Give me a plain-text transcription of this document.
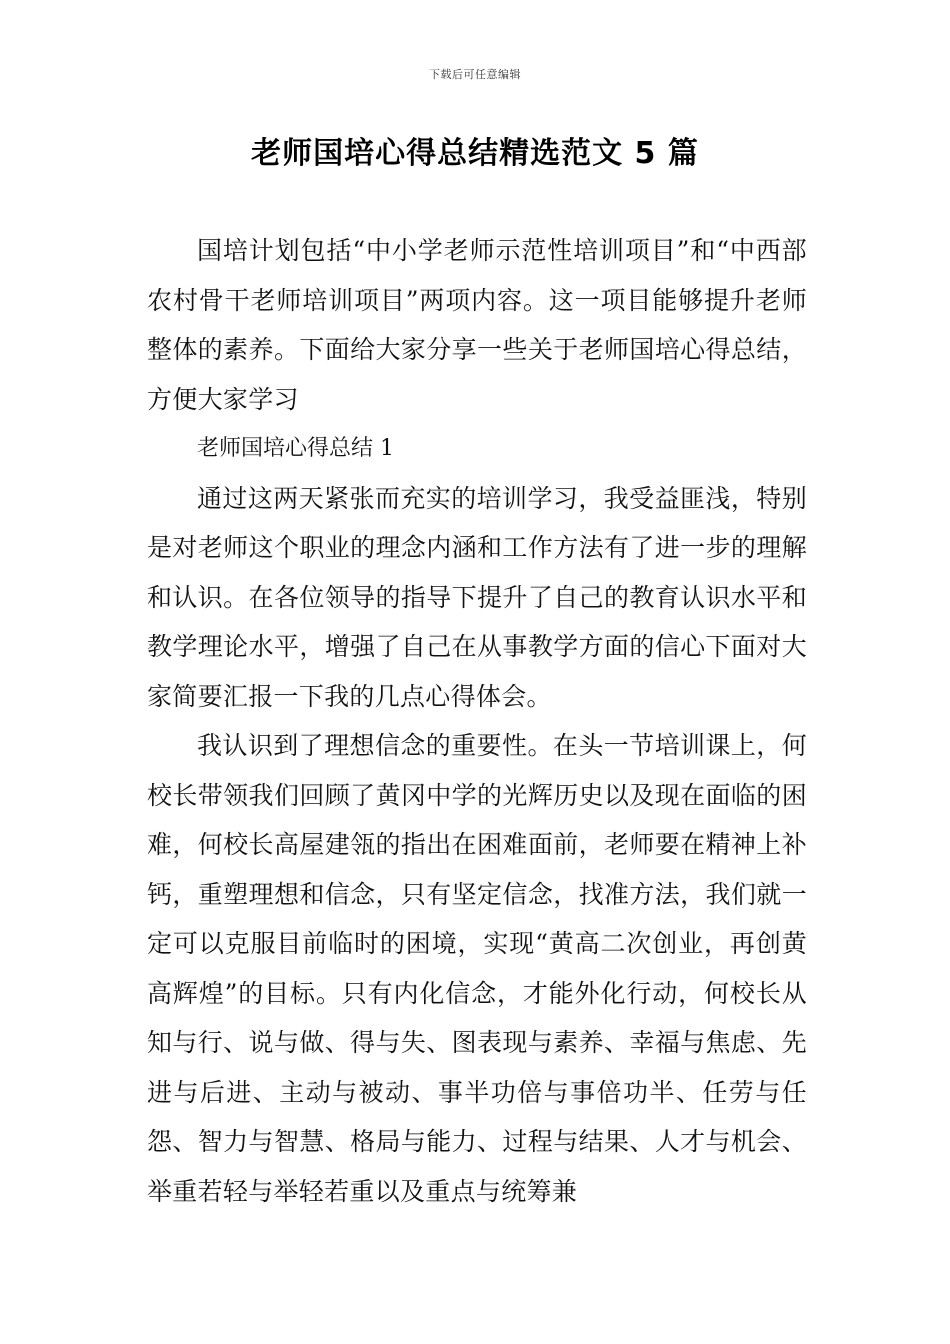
下载后可任意编辑
老师国培心得总结精选范文 5 篇

国培计划包括“中小学老师示范性培训项目”和“中西部农村骨干老师培训项目”两项内容。这一项目能够提升老师整体的素养。下面给大家分享一些关于老师国培心得总结，方便大家学习

老师国培心得总结 1

通过这两天紧张而充实的培训学习，我受益匪浅，特别是对老师这个职业的理念内涵和工作方法有了进一步的理解和认识。在各位领导的指导下提升了自己的教育认识水平和教学理论水平，增强了自己在从事教学方面的信心下面对大家简要汇报一下我的几点心得体会。

我认识到了理想信念的重要性。在头一节培训课上，何校长带领我们回顾了黄冈中学的光辉历史以及现在面临的困难，何校长高屋建瓴的指出在困难面前，老师要在精神上补钙，重塑理想和信念，只有坚定信念，找准方法，我们就一定可以克服目前临时的困境，实现“黄高二次创业，再创黄高辉煌”的目标。只有内化信念，才能外化行动，何校长从知与行、说与做、得与失、图表现与素养、幸福与焦虑、先进与后进、主动与被动、事半功倍与事倍功半、任劳与任怨、智力与智慧、格局与能力、过程与结果、人才与机会、举重若轻与举轻若重以及重点与统筹兼
